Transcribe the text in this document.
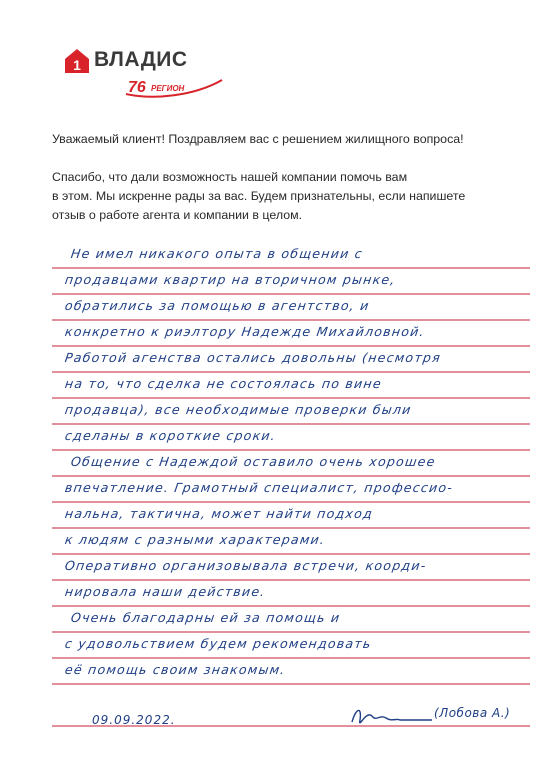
1 ВЛАДИС
76 РЕГИОН
Уважаемый клиент! Поздравляем вас с решением жилищного вопроса!
Спасибо, что дали возможность нашей компании помочь вам
в этом. Мы искренне рады за вас. Будем признательны, если напишете
отзыв о работе агента и компании в целом.
Не имел никакого опыта в общении с
продавцами квартир на вторичном рынке,
обратились за помощью в агентство, и
конкретно к риэлтору Надежде Михайловной.
Работой агенства остались довольны (несмотря
на то, что сделка не состоялась по вине
продавца), все необходимые проверки были
сделаны в короткие сроки.
Общение с Надеждой оставило очень хорошее
впечатление. Грамотный специалист, профессио-
нальна, тактична, может найти подход
к людям с разными характерами.
Оперативно организовывала встречи, коорди-
нировала наши действие.
Очень благодарны ей за помощь и
с удовольствием будем рекомендовать
её помощь своим знакомым.
09.09.2022.	(Лобова А.)
